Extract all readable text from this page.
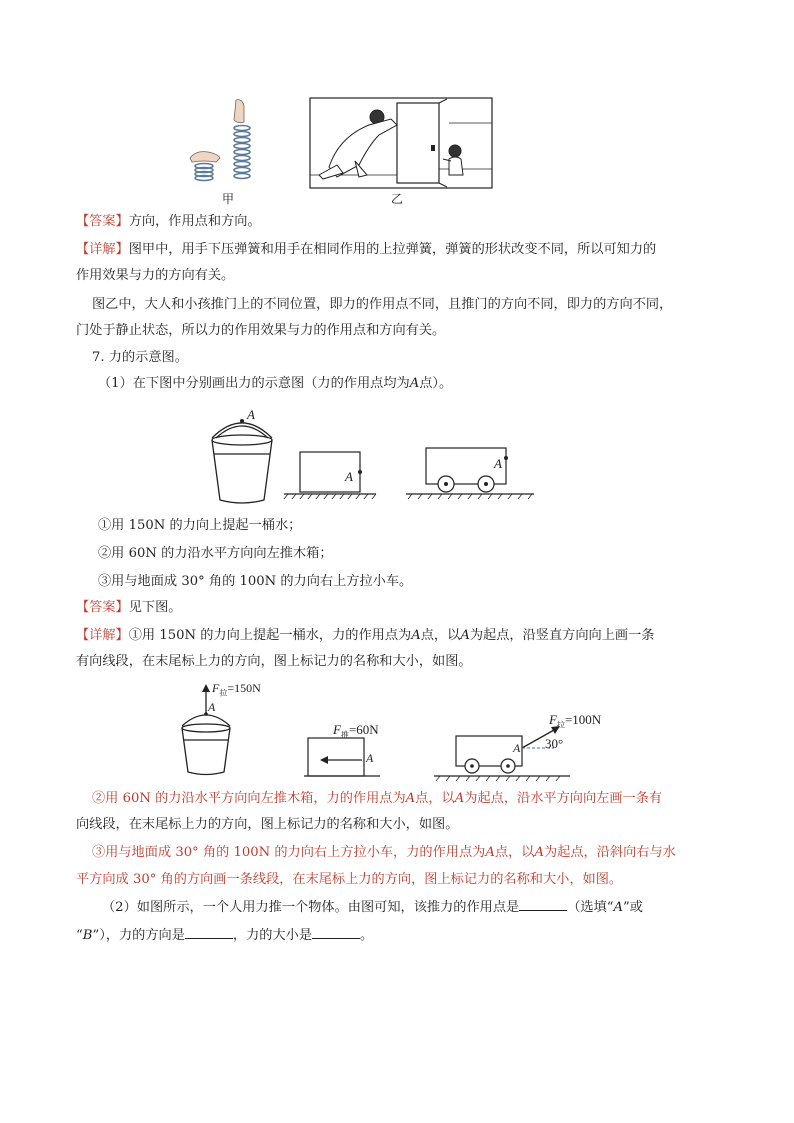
甲	乙
【答案】方向，作用点和方向。
【详解】图甲中，用手下压弹簧和用手在相同作用的上拉弹簧，弹簧的形状改变不同，所以可知力的
作用效果与力的方向有关。
图乙中，大人和小孩推门上的不同位置，即力的作用点不同，且推门的方向不同，即力的方向不同，
门处于静止状态，所以力的作用效果与力的作用点和方向有关。
7. 力的示意图。
（1）在下图中分别画出力的示意图（力的作用点均为A点）。
A
A
A
①用 150N 的力向上提起一桶水；
②用 60N 的力沿水平方向向左推木箱；
③用与地面成 30° 角的 100N 的力向右上方拉小车。
【答案】见下图。
【详解】①用 150N 的力向上提起一桶水，力的作用点为A点，以A为起点，沿竖直方向向上画一条
有向线段，在末尾标上力的方向，图上标记力的名称和大小，如图。
$F_拉=150N$
A
$F_推=60N$
A
$F_拉=100N$
A 30°
②用 60N 的力沿水平方向向左推木箱，力的作用点为A点，以A为起点，沿水平方向向左画一条有
向线段，在末尾标上力的方向，图上标记力的名称和大小，如图。
③用与地面成 30° 角的 100N 的力向右上方拉小车，力的作用点为A点，以A为起点，沿斜向右与水
平方向成 30° 角的方向画一条线段，在末尾标上力的方向，图上标记力的名称和大小，如图。
（2）如图所示，一个人用力推一个物体。由图可知，该推力的作用点是	（选填“A”或
“B”），力的方向是	，力的大小是	。
